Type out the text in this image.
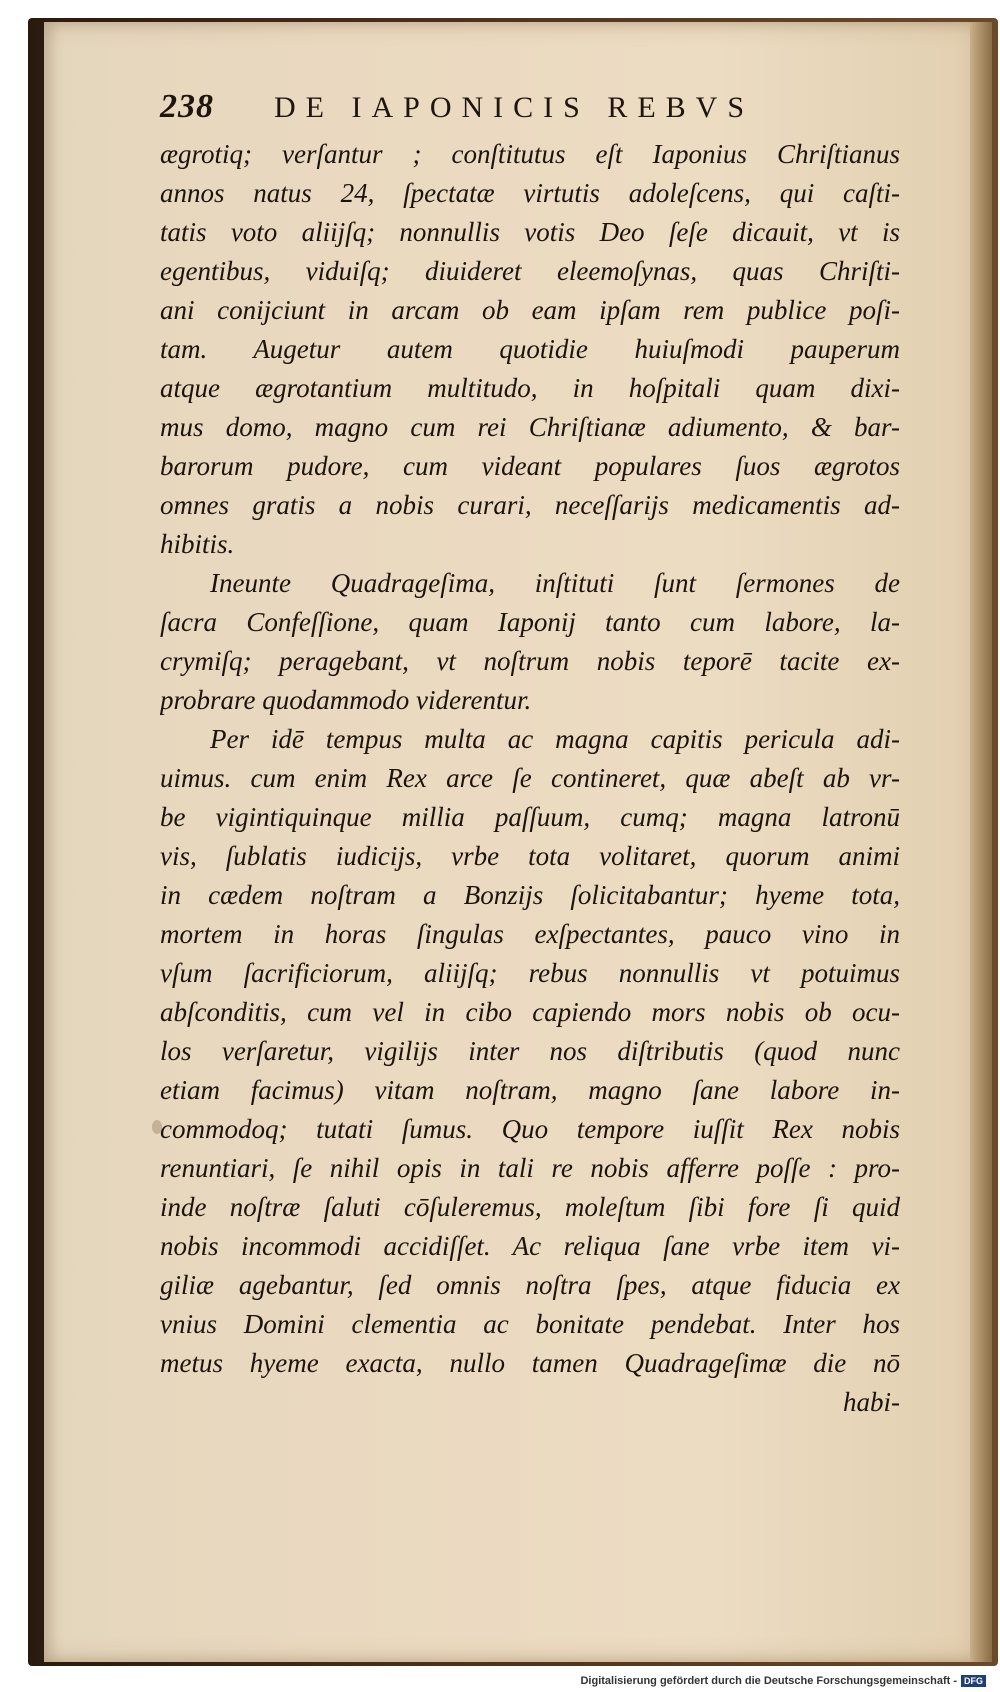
238 DE IAPONICIS REBVS
ægrotiq; verſantur ; conſtitutus eſt Iaponius Chriſtianus
annos natus 24, ſpectatæ virtutis adoleſcens, qui caſti-
tatis voto aliijſq; nonnullis votis Deo ſeſe dicauit, vt is
egentibus, viduiſq; diuideret eleemoſynas, quas Chriſti-
ani conijciunt in arcam ob eam ipſam rem publice poſi-
tam. Augetur autem quotidie huiuſmodi pauperum
atque ægrotantium multitudo, in hoſpitali quam dixi-
mus domo, magno cum rei Chriſtianæ adiumento, & bar-
barorum pudore, cum videant populares ſuos ægrotos
omnes gratis a nobis curari, neceſſarijs medicamentis ad-
hibitis.
Ineunte Quadrageſima, inſtituti ſunt ſermones de
ſacra Confeſſione, quam Iaponij tanto cum labore, la-
crymiſq; peragebant, vt noſtrum nobis teporē tacite ex-
probrare quodammodo viderentur.
Per idē tempus multa ac magna capitis pericula adi-
uimus. cum enim Rex arce ſe contineret, quæ abeſt ab vr-
be vigintiquinque millia paſſuum, cumq; magna latronū
vis, ſublatis iudicijs, vrbe tota volitaret, quorum animi
in cædem noſtram a Bonzijs ſolicitabantur; hyeme tota,
mortem in horas ſingulas exſpectantes, pauco vino in
vſum ſacrificiorum, aliijſq; rebus nonnullis vt potuimus
abſconditis, cum vel in cibo capiendo mors nobis ob ocu-
los verſaretur, vigilijs inter nos diſtributis (quod nunc
etiam facimus) vitam noſtram, magno ſane labore in-
commodoq; tutati ſumus. Quo tempore iuſſit Rex nobis
renuntiari, ſe nihil opis in tali re nobis afferre poſſe : pro-
inde noſtræ ſaluti cōſuleremus, moleſtum ſibi fore ſi quid
nobis incommodi accidiſſet. Ac reliqua ſane vrbe item vi-
giliæ agebantur, ſed omnis noſtra ſpes, atque fiducia ex
vnius Domini clementia ac bonitate pendebat. Inter hos
metus hyeme exacta, nullo tamen Quadrageſimæ die nō
habi-
Digitalisierung gefördert durch die Deutsche Forschungsgemeinschaft - DFG
